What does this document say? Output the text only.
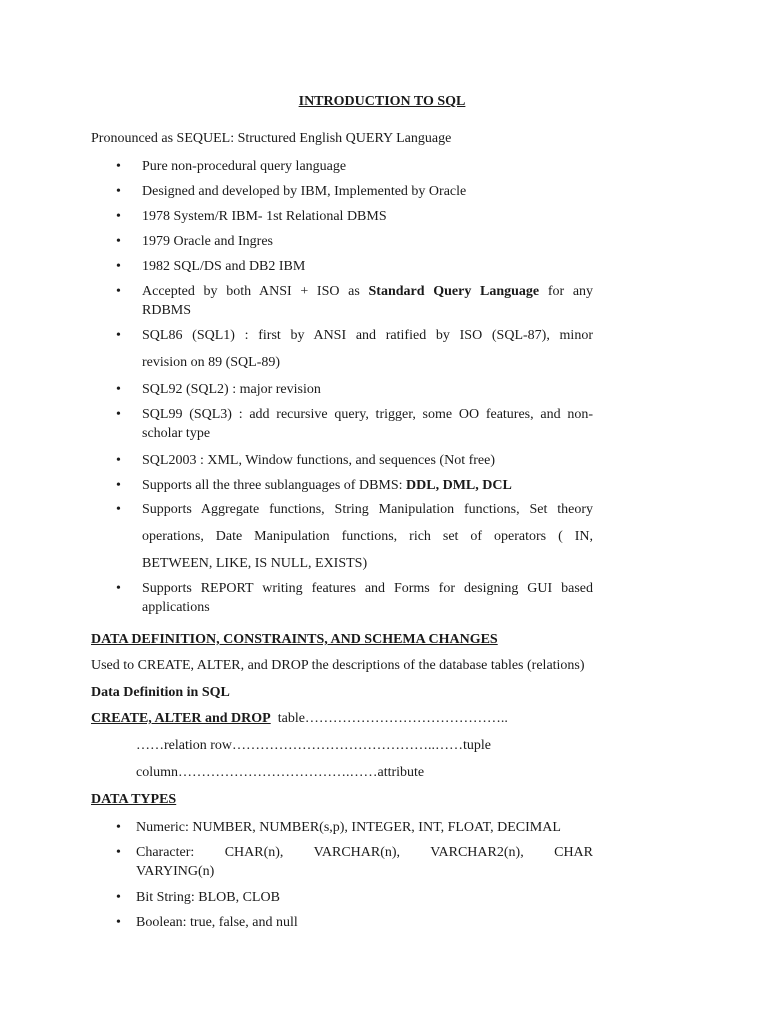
INTRODUCTION TO SQL
Pronounced as SEQUEL: Structured English QUERY Language
• Pure non-procedural query language
• Designed and developed by IBM, Implemented by Oracle
• 1978 System/R IBM- 1st Relational DBMS
• 1979 Oracle and Ingres
• 1982 SQL/DS and DB2 IBM
• Accepted by both ANSI + ISO as Standard Query Language for any
RDBMS
• SQL86 (SQL1) : first by ANSI and ratified by ISO (SQL-87), minor
revision on 89 (SQL-89)
• SQL92 (SQL2) : major revision
• SQL99 (SQL3) : add recursive query, trigger, some OO features, and non-
scholar type
• SQL2003 : XML, Window functions, and sequences (Not free)
• Supports all the three sublanguages of DBMS: DDL, DML, DCL
• Supports Aggregate functions, String Manipulation functions, Set theory
operations, Date Manipulation functions, rich set of operators ( IN,
BETWEEN, LIKE, IS NULL, EXISTS)
• Supports REPORT writing features and Forms for designing GUI based
applications
DATA DEFINITION, CONSTRAINTS, AND SCHEMA CHANGES
Used to CREATE, ALTER, and DROP the descriptions of the database tables (relations)
Data Definition in SQL
CREATE, ALTER and DROP table……………………………………..
……relation row……………………………………..……tuple
column……………………………….……attribute
DATA TYPES
• Numeric: NUMBER, NUMBER(s,p), INTEGER, INT, FLOAT, DECIMAL
• Character: CHAR(n), VARCHAR(n), VARCHAR2(n), CHAR
VARYING(n)
• Bit String: BLOB, CLOB
• Boolean: true, false, and null
